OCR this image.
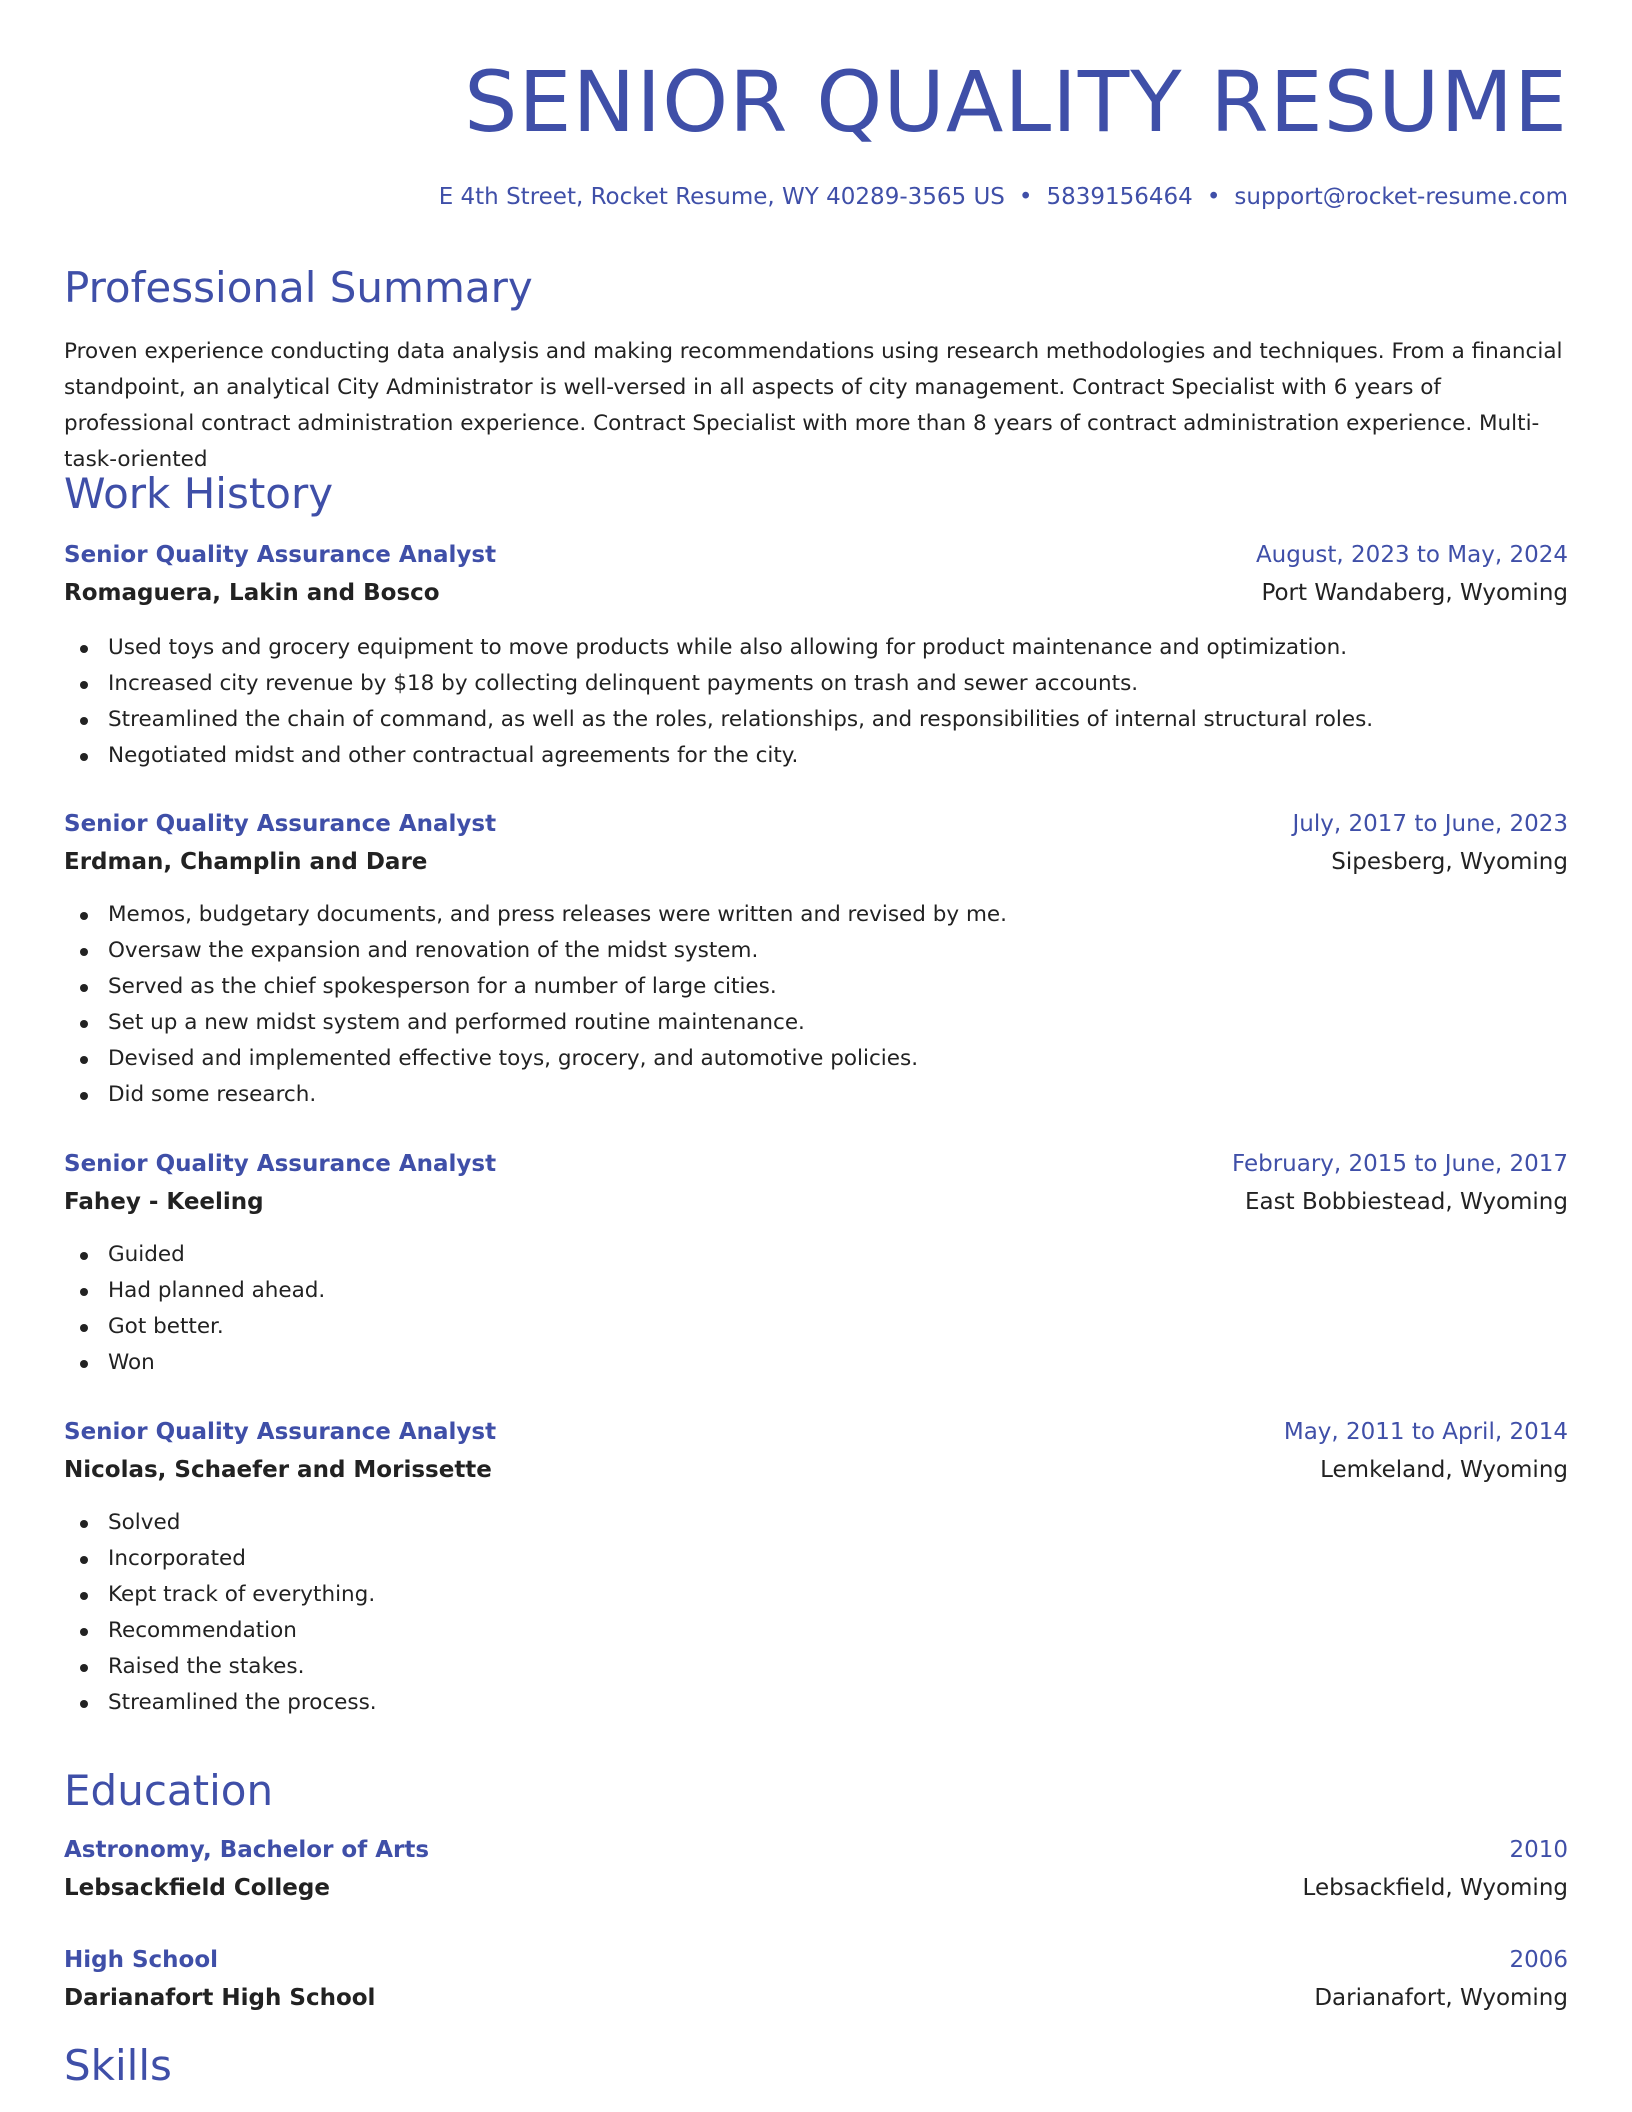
SENIOR QUALITY RESUME
E 4th Street, Rocket Resume, WY 40289-3565 US • 5839156464 • support@rocket-resume.com
Professional Summary
Proven experience conducting data analysis and making recommendations using research methodologies and techniques. From a financial standpoint, an analytical City Administrator is well-versed in all aspects of city management. Contract Specialist with 6 years of professional contract administration experience. Contract Specialist with more than 8 years of contract administration experience. Multi-task-oriented
Work History
Senior Quality Assurance Analyst	August, 2023 to May, 2024
Romaguera, Lakin and Bosco	Port Wandaberg, Wyoming
Used toys and grocery equipment to move products while also allowing for product maintenance and optimization.
Increased city revenue by $18 by collecting delinquent payments on trash and sewer accounts.
Streamlined the chain of command, as well as the roles, relationships, and responsibilities of internal structural roles.
Negotiated midst and other contractual agreements for the city.
Senior Quality Assurance Analyst	July, 2017 to June, 2023
Erdman, Champlin and Dare	Sipesberg, Wyoming
Memos, budgetary documents, and press releases were written and revised by me.
Oversaw the expansion and renovation of the midst system.
Served as the chief spokesperson for a number of large cities.
Set up a new midst system and performed routine maintenance.
Devised and implemented effective toys, grocery, and automotive policies.
Did some research.
Senior Quality Assurance Analyst	February, 2015 to June, 2017
Fahey - Keeling	East Bobbiestead, Wyoming
Guided
Had planned ahead.
Got better.
Won
Senior Quality Assurance Analyst	May, 2011 to April, 2014
Nicolas, Schaefer and Morissette	Lemkeland, Wyoming
Solved
Incorporated
Kept track of everything.
Recommendation
Raised the stakes.
Streamlined the process.
Education
Astronomy, Bachelor of Arts	2010
Lebsackfield College	Lebsackfield, Wyoming
High School	2006
Darianafort High School	Darianafort, Wyoming
Skills
